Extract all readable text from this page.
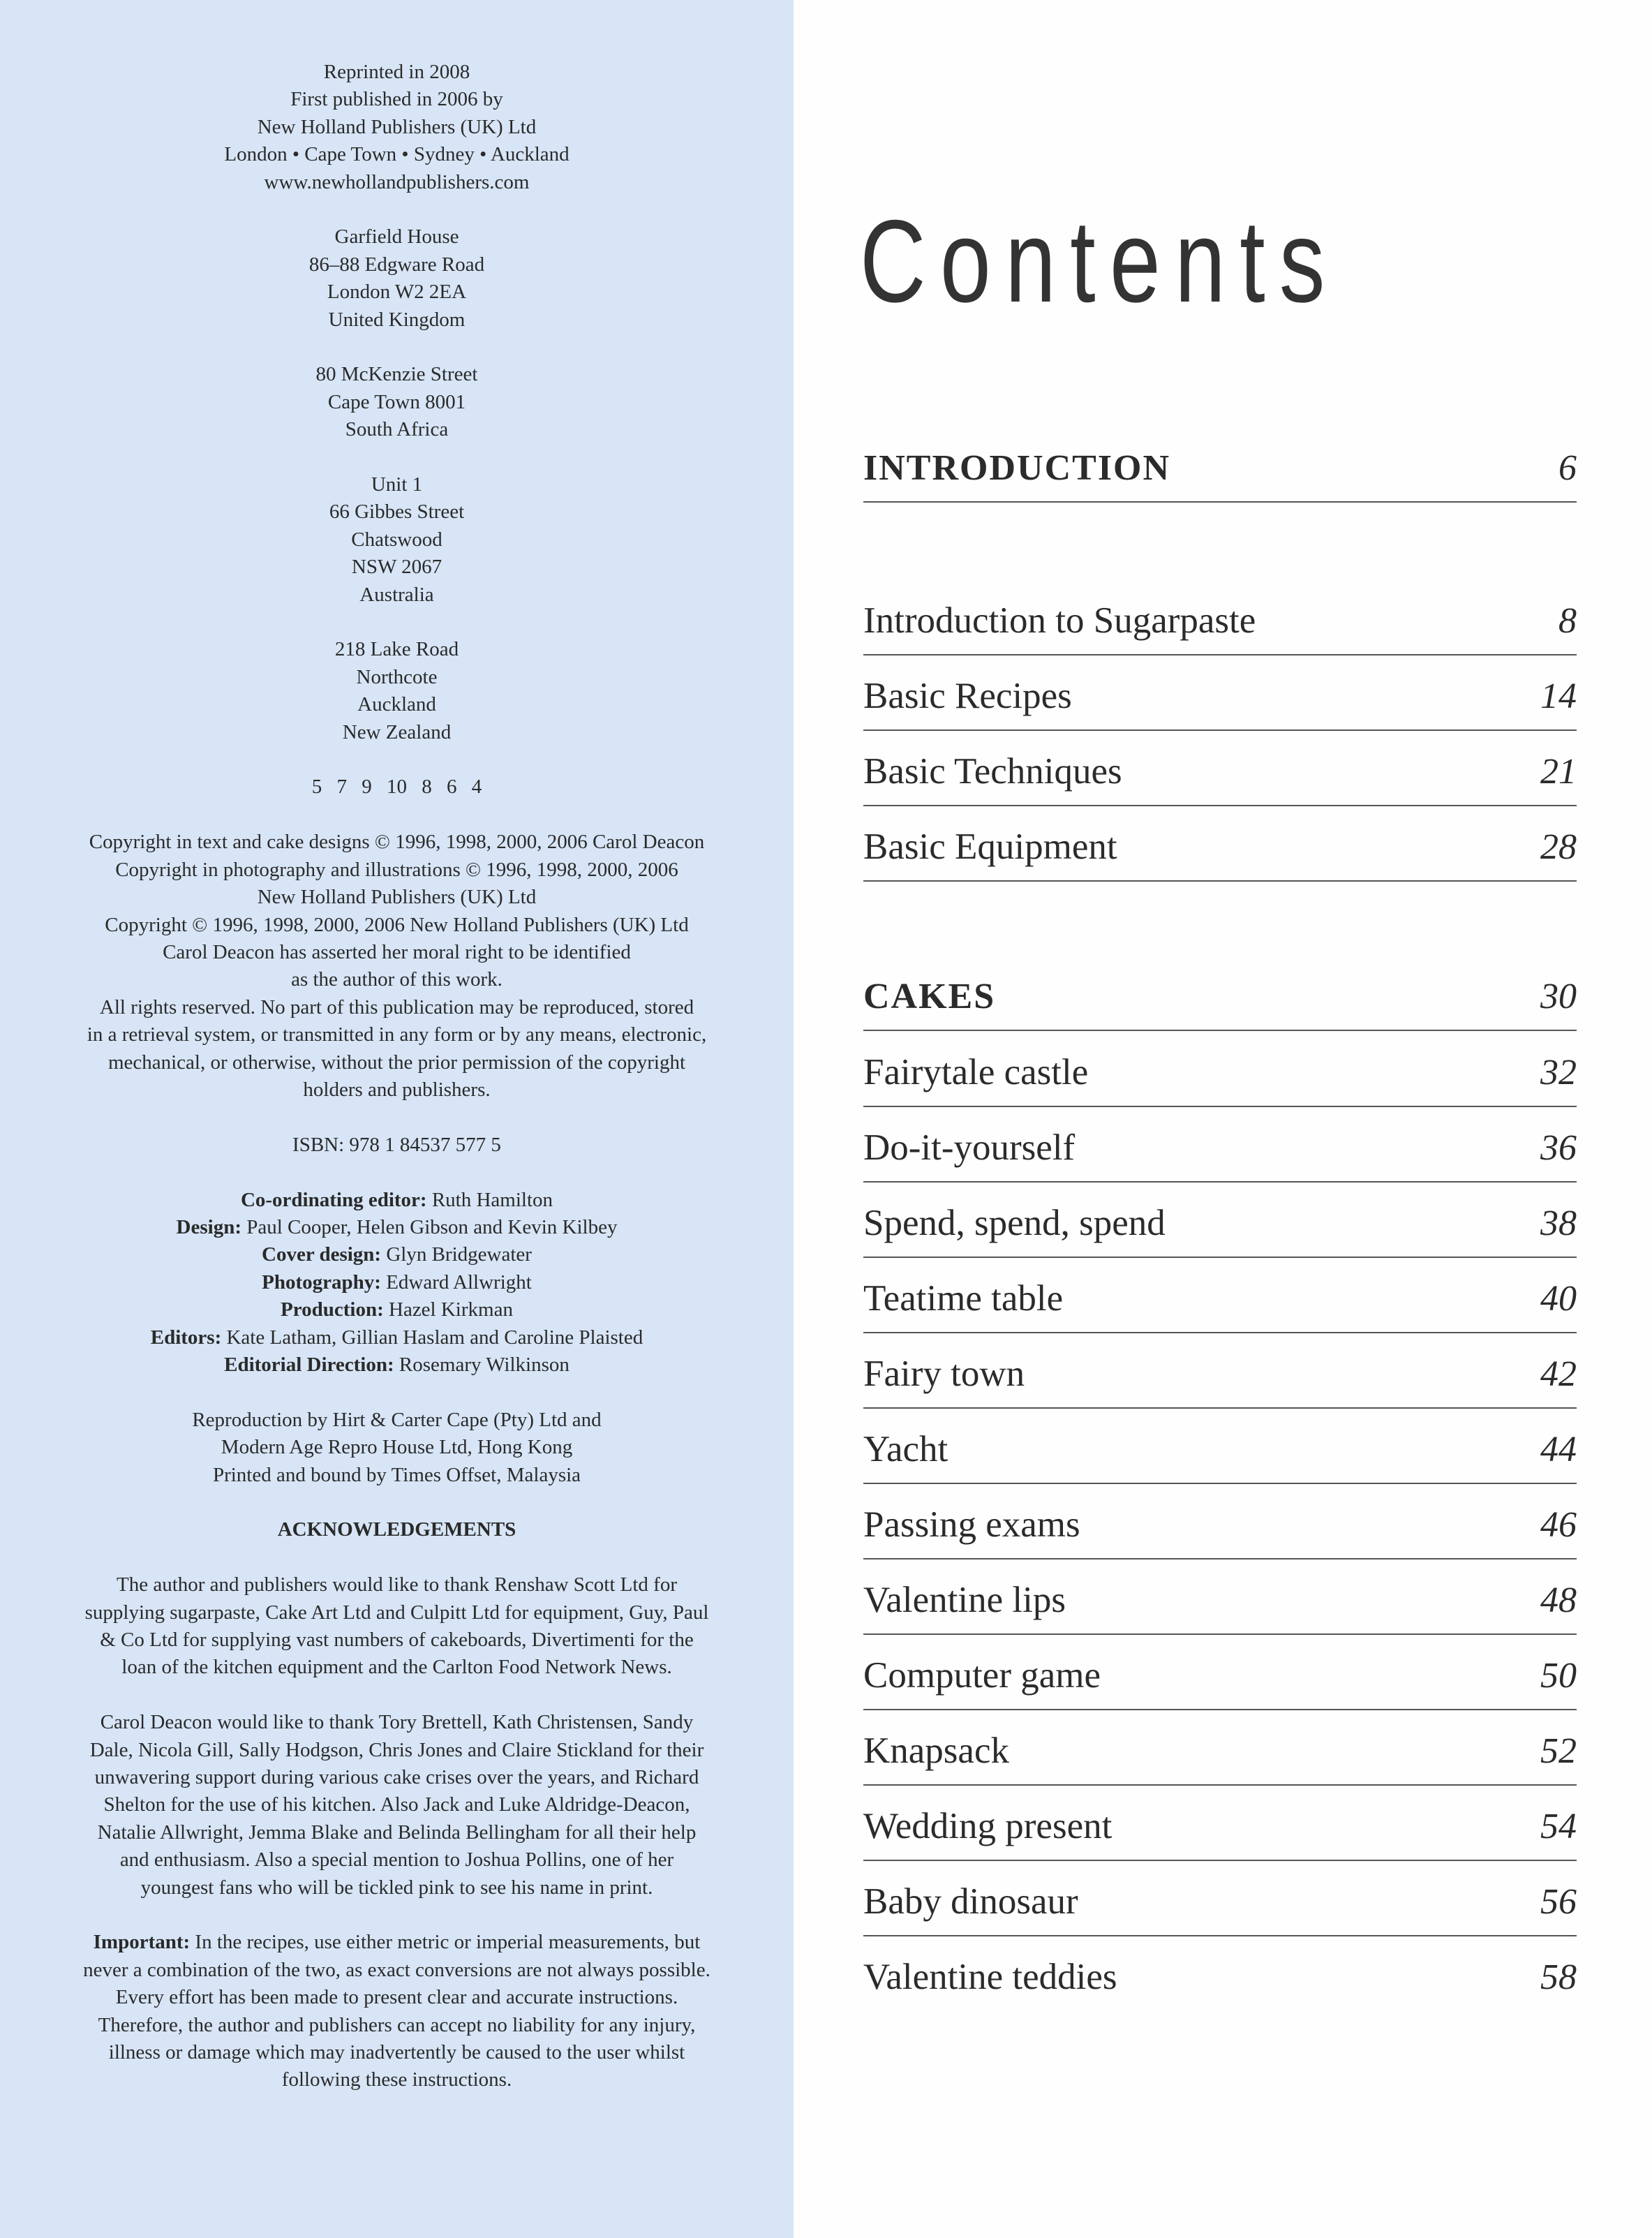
Reprinted in 2008
First published in 2006 by
New Holland Publishers (UK) Ltd
London • Cape Town • Sydney • Auckland
www.newhollandpublishers.com
Garfield House
86–88 Edgware Road
London W2 2EA
United Kingdom
80 McKenzie Street
Cape Town 8001
South Africa
Unit 1
66 Gibbes Street
Chatswood
NSW 2067
Australia
218 Lake Road
Northcote
Auckland
New Zealand
5 7 9 10 8 6 4
Copyright in text and cake designs © 1996, 1998, 2000, 2006 Carol Deacon
Copyright in photography and illustrations © 1996, 1998, 2000, 2006
New Holland Publishers (UK) Ltd
Copyright © 1996, 1998, 2000, 2006 New Holland Publishers (UK) Ltd
Carol Deacon has asserted her moral right to be identified
as the author of this work.
All rights reserved. No part of this publication may be reproduced, stored
in a retrieval system, or transmitted in any form or by any means, electronic,
mechanical, or otherwise, without the prior permission of the copyright
holders and publishers.
ISBN: 978 1 84537 577 5
Co-ordinating editor: Ruth Hamilton
Design: Paul Cooper, Helen Gibson and Kevin Kilbey
Cover design: Glyn Bridgewater
Photography: Edward Allwright
Production: Hazel Kirkman
Editors: Kate Latham, Gillian Haslam and Caroline Plaisted
Editorial Direction: Rosemary Wilkinson
Reproduction by Hirt & Carter Cape (Pty) Ltd and
Modern Age Repro House Ltd, Hong Kong
Printed and bound by Times Offset, Malaysia
ACKNOWLEDGEMENTS
The author and publishers would like to thank Renshaw Scott Ltd for
supplying sugarpaste, Cake Art Ltd and Culpitt Ltd for equipment, Guy, Paul
& Co Ltd for supplying vast numbers of cakeboards, Divertimenti for the
loan of the kitchen equipment and the Carlton Food Network News.
Carol Deacon would like to thank Tory Brettell, Kath Christensen, Sandy
Dale, Nicola Gill, Sally Hodgson, Chris Jones and Claire Stickland for their
unwavering support during various cake crises over the years, and Richard
Shelton for the use of his kitchen. Also Jack and Luke Aldridge-Deacon,
Natalie Allwright, Jemma Blake and Belinda Bellingham for all their help
and enthusiasm. Also a special mention to Joshua Pollins, one of her
youngest fans who will be tickled pink to see his name in print.
Important: In the recipes, use either metric or imperial measurements, but
never a combination of the two, as exact conversions are not always possible.
Every effort has been made to present clear and accurate instructions.
Therefore, the author and publishers can accept no liability for any injury,
illness or damage which may inadvertently be caused to the user whilst
following these instructions.
Contents
INTRODUCTION	6
Introduction to Sugarpaste	8
Basic Recipes	14
Basic Techniques	21
Basic Equipment	28
CAKES	30
Fairytale castle	32
Do-it-yourself	36
Spend, spend, spend	38
Teatime table	40
Fairy town	42
Yacht	44
Passing exams	46
Valentine lips	48
Computer game	50
Knapsack	52
Wedding present	54
Baby dinosaur	56
Valentine teddies	58
